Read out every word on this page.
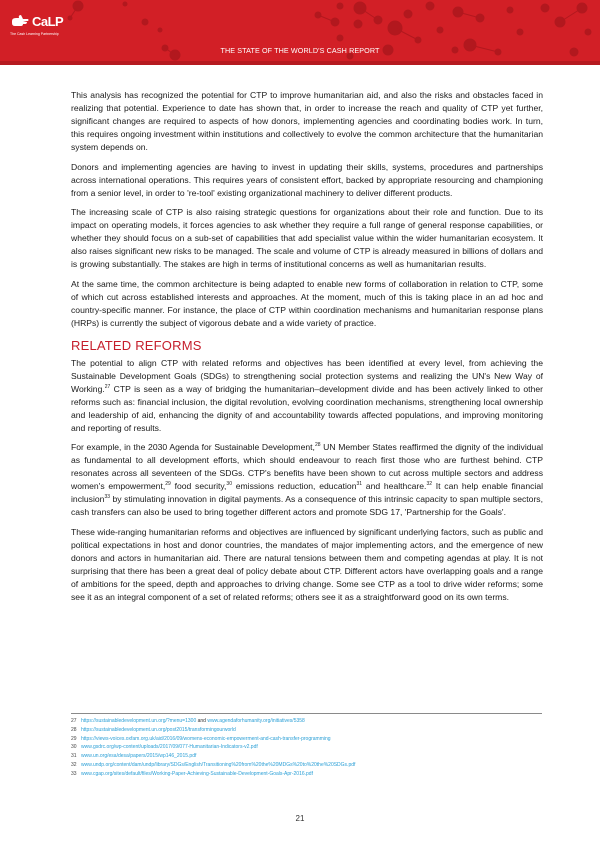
CaLP
The Cash Learning Partnership
THE STATE OF THE WORLD'S CASH REPORT

This analysis has recognized the potential for CTP to improve humanitarian aid, and also the risks and obstacles faced in realizing that potential. Experience to date has shown that, in order to increase the reach and quality of CTP yet further, significant changes are required to aspects of how donors, implementing agencies and coordinating bodies work. In turn, this requires ongoing investment within institutions and collectively to evolve the common architecture that the humanitarian system depends on.

Donors and implementing agencies are having to invest in updating their skills, systems, procedures and partnerships across international operations. This requires years of consistent effort, backed by appropriate resourcing and championing from a senior level, in order to 're-tool' existing organizational machinery to deliver different products.

The increasing scale of CTP is also raising strategic questions for organizations about their role and function. Due to its impact on operating models, it forces agencies to ask whether they require a full range of general response capabilities, or whether they should focus on a sub-set of capabilities that add specialist value within the wider humanitarian ecosystem. It also raises significant new risks to be managed. The scale and volume of CTP is already measured in billions of dollars and is growing substantially. The stakes are high in terms of institutional concerns as well as humanitarian results.

At the same time, the common architecture is being adapted to enable new forms of collaboration in relation to CTP, some of which cut across established interests and approaches. At the moment, much of this is taking place in an ad hoc and country-specific manner. For instance, the place of CTP within coordination mechanisms and humanitarian response plans (HRPs) is currently the subject of vigorous debate and a wide variety of practice.

RELATED REFORMS

The potential to align CTP with related reforms and objectives has been identified at every level, from achieving the Sustainable Development Goals (SDGs) to strengthening social protection systems and realizing the UN's New Way of Working.$^{27}$ CTP is seen as a way of bridging the humanitarian–development divide and has been actively linked to other reforms such as: financial inclusion, the digital revolution, evolving coordination mechanisms, strengthening local ownership and leadership of aid, enhancing the dignity of and accountability towards affected populations, and improving monitoring and reporting of results.

For example, in the 2030 Agenda for Sustainable Development,$^{28}$ UN Member States reaffirmed the dignity of the individual as fundamental to all development efforts, which should endeavour to reach first those who are furthest behind. CTP resonates across all seventeen of the SDGs. CTP's benefits have been shown to cut across multiple sectors and address women's empowerment,$^{29}$ food security,$^{30}$ emissions reduction, education$^{31}$ and healthcare.$^{32}$ It can help enable financial inclusion$^{33}$ by stimulating innovation in digital payments. As a consequence of this intrinsic capacity to span multiple sectors, cash transfers can also be used to bring together different actors and promote SDG 17, 'Partnership for the Goals'.

These wide-ranging humanitarian reforms and objectives are influenced by significant underlying factors, such as public and political expectations in host and donor countries, the mandates of major implementing actors, and the emergence of new donors and actors in humanitarian aid. There are natural tensions between them and competing agendas at play. It is not surprising that there has been a great deal of policy debate about CTP. Different actors have overlapping goals and a range of ambitions for the speed, depth and approaches to driving change. Some see CTP as a tool to drive wider reforms; some see it as an integral component of a set of related reforms; others see it as a straightforward good on its own terms.

27 https://sustainabledevelopment.un.org/?menu=1300 and www.agendaforhumanity.org/initiatives/5358
28 https://sustainabledevelopment.un.org/post2015/transformingourworld
29 https://views-voices.oxfam.org.uk/aid/2016/09/womens-economic-empowerment-and-cash-transfer-programming
30 www.gsdrc.org/wp-content/uploads/2017/09/077-Humanitarian-Indicators-v2.pdf
31 www.un.org/esa/desa/papers/2015/wp146_2015.pdf
32 www.undp.org/content/dam/undp/library/SDGs/English/Transitioning%20from%20the%20MDGs%20to%20the%20SDGs.pdf
33 www.cgap.org/sites/default/files/Working-Paper-Achieving-Sustainable-Development-Goals-Apr-2016.pdf
21
